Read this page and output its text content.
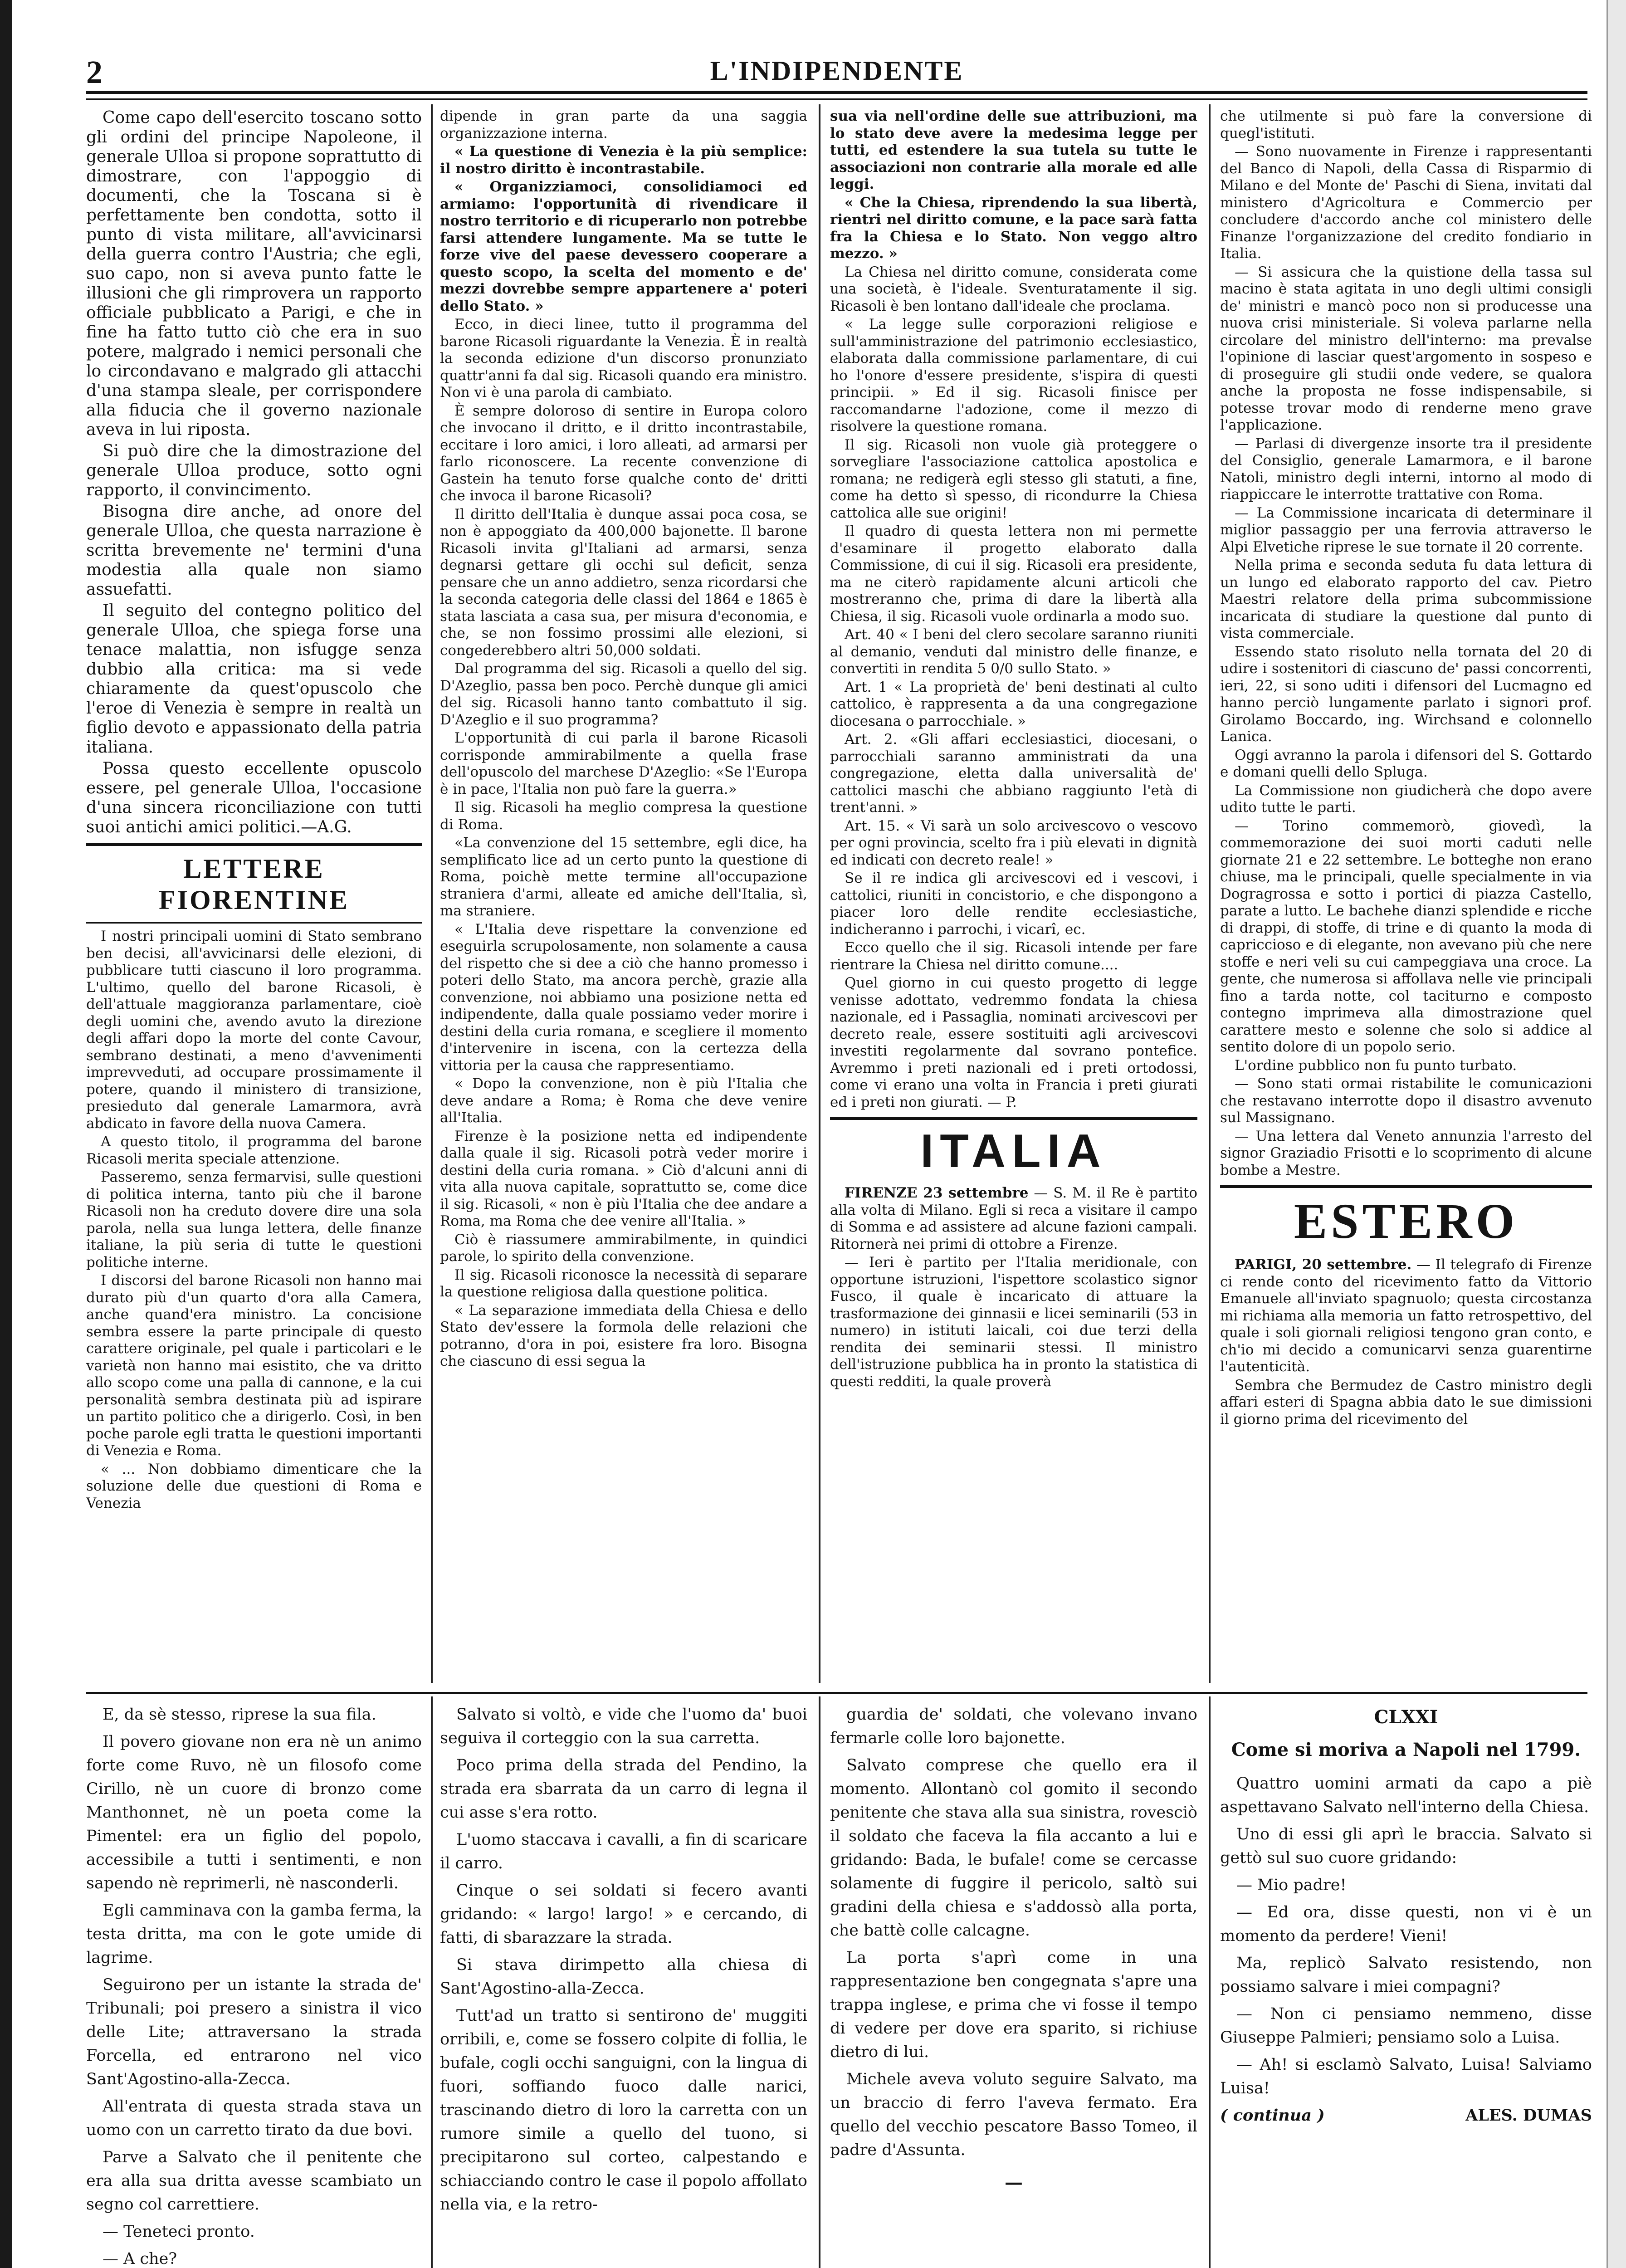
2	L'INDIPENDENTE

Come capo dell'esercito toscano sotto gli ordini del principe Napoleone, il generale Ulloa si propone soprattutto di dimostrare, con l'appoggio di documenti, che la Toscana si è perfettamente ben condotta, sotto il punto di vista militare, all'avvicinarsi della guerra contro l'Austria; che egli, suo capo, non si aveva punto fatte le illusioni che gli rimprovera un rapporto officiale pubblicato a Parigi, e che in fine ha fatto tutto ciò che era in suo potere, malgrado i nemici personali che lo circondavano e malgrado gli attacchi d'una stampa sleale, per corrispondere alla fiducia che il governo nazionale aveva in lui riposta.

Si può dire che la dimostrazione del generale Ulloa produce, sotto ogni rapporto, il convincimento.

Bisogna dire anche, ad onore del generale Ulloa, che questa narrazione è scritta brevemente ne' termini d'una modestia alla quale non siamo assuefatti.

Il seguito del contegno politico del generale Ulloa, che spiega forse una tenace malattia, non isfugge senza dubbio alla critica: ma si vede chiaramente da quest'opuscolo che l'eroe di Venezia è sempre in realtà un figlio devoto e appassionato della patria italiana.

Possa questo eccellente opuscolo essere, pel generale Ulloa, l'occasione d'una sincera riconciliazione con tutti suoi antichi amici politici.—A.G.

LETTERE FIORENTINE

I nostri principali uomini di Stato sembrano ben decisi, all'avvicinarsi delle elezioni, di pubblicare tutti ciascuno il loro programma. L'ultimo, quello del barone Ricasoli, è dell'attuale maggioranza parlamentare, cioè degli uomini che, avendo avuto la direzione degli affari dopo la morte del conte Cavour, sembrano destinati, a meno d'avvenimenti imprevveduti, ad occupare prossimamente il potere, quando il ministero di transizione, presieduto dal generale Lamarmora, avrà abdicato in favore della nuova Camera.

A questo titolo, il programma del barone Ricasoli merita speciale attenzione.

Passeremo, senza fermarvisi, sulle questioni di politica interna, tanto più che il barone Ricasoli non ha creduto dovere dire una sola parola, nella sua lunga lettera, delle finanze italiane, la più seria di tutte le questioni politiche interne.

I discorsi del barone Ricasoli non hanno mai durato più d'un quarto d'ora alla Camera, anche quand'era ministro. La concisione sembra essere la parte principale di questo carattere originale, pel quale i particolari e le varietà non hanno mai esistito, che va dritto allo scopo come una palla di cannone, e la cui personalità sembra destinata più ad ispirare un partito politico che a dirigerlo. Così, in ben poche parole egli tratta le questioni importanti di Venezia e Roma.

« ... Non dobbiamo dimenticare che la soluzione delle due questioni di Roma e Venezia

dipende in gran parte da una saggia organizzazione interna.

« La questione di Venezia è la più semplice: il nostro diritto è incontrastabile.

« Organizziamoci, consolidiamoci ed armiamo: l'opportunità di rivendicare il nostro territorio e di ricuperarlo non potrebbe farsi attendere lungamente. Ma se tutte le forze vive del paese devessero cooperare a questo scopo, la scelta del momento e de' mezzi dovrebbe sempre appartenere a' poteri dello Stato. »

Ecco, in dieci linee, tutto il programma del barone Ricasoli riguardante la Venezia. È in realtà la seconda edizione d'un discorso pronunziato quattr'anni fa dal sig. Ricasoli quando era ministro. Non vi è una parola di cambiato.

È sempre doloroso di sentire in Europa coloro che invocano il dritto, e il dritto incontrastabile, eccitare i loro amici, i loro alleati, ad armarsi per farlo riconoscere. La recente convenzione di Gastein ha tenuto forse qualche conto de' dritti che invoca il barone Ricasoli?

Il diritto dell'Italia è dunque assai poca cosa, se non è appoggiato da 400,000 bajonette. Il barone Ricasoli invita gl'Italiani ad armarsi, senza degnarsi gettare gli occhi sul deficit, senza pensare che un anno addietro, senza ricordarsi che la seconda categoria delle classi del 1864 e 1865 è stata lasciata a casa sua, per misura d'economia, e che, se non fossimo prossimi alle elezioni, si congederebbero altri 50,000 soldati.

Dal programma del sig. Ricasoli a quello del sig. D'Azeglio, passa ben poco. Perchè dunque gli amici del sig. Ricasoli hanno tanto combattuto il sig. D'Azeglio e il suo programma?

L'opportunità di cui parla il barone Ricasoli corrisponde ammirabilmente a quella frase dell'opuscolo del marchese D'Azeglio: «Se l'Europa è in pace, l'Italia non può fare la guerra.»

Il sig. Ricasoli ha meglio compresa la questione di Roma.

«La convenzione del 15 settembre, egli dice, ha semplificato lice ad un certo punto la questione di Roma, poichè mette termine all'occupazione straniera d'armi, alleate ed amiche dell'Italia, sì, ma straniere.

« L'Italia deve rispettare la convenzione ed eseguirla scrupolosamente, non solamente a causa del rispetto che si dee a ciò che hanno promesso i poteri dello Stato, ma ancora perchè, grazie alla convenzione, noi abbiamo una posizione netta ed indipendente, dalla quale possiamo veder morire i destini della curia romana, e scegliere il momento d'intervenire in iscena, con la certezza della vittoria per la causa che rappresentiamo.

« Dopo la convenzione, non è più l'Italia che deve andare a Roma; è Roma che deve venire all'Italia.

Firenze è la posizione netta ed indipendente dalla quale il sig. Ricasoli potrà veder morire i destini della curia romana. » Ciò d'alcuni anni di vita alla nuova capitale, soprattutto se, come dice il sig. Ricasoli, « non è più l'Italia che dee andare a Roma, ma Roma che dee venire all'Italia. »

Ciò è riassumere ammirabilmente, in quindici parole, lo spirito della convenzione.

Il sig. Ricasoli riconosce la necessità di separare la questione religiosa dalla questione politica.

« La separazione immediata della Chiesa e dello Stato dev'essere la formola delle relazioni che potranno, d'ora in poi, esistere fra loro. Bisogna che ciascuno di essi segua la

sua via nell'ordine delle sue attribuzioni, ma lo stato deve avere la medesima legge per tutti, ed estendere la sua tutela su tutte le associazioni non contrarie alla morale ed alle leggi.

« Che la Chiesa, riprendendo la sua libertà, rientri nel diritto comune, e la pace sarà fatta fra la Chiesa e lo Stato. Non veggo altro mezzo. »

La Chiesa nel diritto comune, considerata come una società, è l'ideale. Sventuratamente il sig. Ricasoli è ben lontano dall'ideale che proclama.

« La legge sulle corporazioni religiose e sull'amministrazione del patrimonio ecclesiastico, elaborata dalla commissione parlamentare, di cui ho l'onore d'essere presidente, s'ispira di questi principii. » Ed il sig. Ricasoli finisce per raccomandarne l'adozione, come il mezzo di risolvere la questione romana.

Il sig. Ricasoli non vuole già proteggere o sorvegliare l'associazione cattolica apostolica e romana; ne redigerà egli stesso gli statuti, a fine, come ha detto sì spesso, di ricondurre la Chiesa cattolica alle sue origini!

Il quadro di questa lettera non mi permette d'esaminare il progetto elaborato dalla Commissione, di cui il sig. Ricasoli era presidente, ma ne citerò rapidamente alcuni articoli che mostreranno che, prima di dare la libertà alla Chiesa, il sig. Ricasoli vuole ordinarla a modo suo.

Art. 40 « I beni del clero secolare saranno riuniti al demanio, venduti dal ministro delle finanze, e convertiti in rendita 5 0/0 sullo Stato. »

Art. 1 « La proprietà de' beni destinati al culto cattolico, è rappresenta a da una congregazione diocesana o parrocchiale. »

Art. 2. «Gli affari ecclesiastici, diocesani, o parrocchiali saranno amministrati da una congregazione, eletta dalla universalità de' cattolici maschi che abbiano raggiunto l'età di trent'anni. »

Art. 15. « Vi sarà un solo arcivescovo o vescovo per ogni provincia, scelto fra i più elevati in dignità ed indicati con decreto reale! »

Se il re indica gli arcivescovi ed i vescovi, i cattolici, riuniti in concistorio, e che dispongono a piacer loro delle rendite ecclesiastiche, indicheranno i parrochi, i vicarî, ec.

Ecco quello che il sig. Ricasoli intende per fare rientrare la Chiesa nel diritto comune....

Quel giorno in cui questo progetto di legge venisse adottato, vedremmo fondata la chiesa nazionale, ed i Passaglia, nominati arcivescovi per decreto reale, essere sostituiti agli arcivescovi investiti regolarmente dal sovrano pontefice. Avremmo i preti nazionali ed i preti ortodossi, come vi erano una volta in Francia i preti giurati ed i preti non giurati. — P.

ITALIA

FIRENZE 23 settembre — S. M. il Re è partito alla volta di Milano. Egli si reca a visitare il campo di Somma e ad assistere ad alcune fazioni campali. Ritornerà nei primi di ottobre a Firenze.

— Ieri è partito per l'Italia meridionale, con opportune istruzioni, l'ispettore scolastico signor Fusco, il quale è incaricato di attuare la trasformazione dei ginnasii e licei seminarili (53 in numero) in istituti laicali, coi due terzi della rendita dei seminarii stessi. Il ministro dell'istruzione pubblica ha in pronto la statistica di questi redditi, la quale proverà

che utilmente si può fare la conversione di quegl'istituti.

— Sono nuovamente in Firenze i rappresentanti del Banco di Napoli, della Cassa di Risparmio di Milano e del Monte de' Paschi di Siena, invitati dal ministero d'Agricoltura e Commercio per concludere d'accordo anche col ministero delle Finanze l'organizzazione del credito fondiario in Italia.

— Si assicura che la quistione della tassa sul macino è stata agitata in uno degli ultimi consigli de' ministri e mancò poco non si producesse una nuova crisi ministeriale. Si voleva parlarne nella circolare del ministro dell'interno: ma prevalse l'opinione di lasciar quest'argomento in sospeso e di proseguire gli studii onde vedere, se qualora anche la proposta ne fosse indispensabile, si potesse trovar modo di renderne meno grave l'applicazione.

— Parlasi di divergenze insorte tra il presidente del Consiglio, generale Lamarmora, e il barone Natoli, ministro degli interni, intorno al modo di riappiccare le interrotte trattative con Roma.

— La Commissione incaricata di determinare il miglior passaggio per una ferrovia attraverso le Alpi Elvetiche riprese le sue tornate il 20 corrente.

Nella prima e seconda seduta fu data lettura di un lungo ed elaborato rapporto del cav. Pietro Maestri relatore della prima subcommissione incaricata di studiare la questione dal punto di vista commerciale.

Essendo stato risoluto nella tornata del 20 di udire i sostenitori di ciascuno de' passi concorrenti, ieri, 22, si sono uditi i difensori del Lucmagno ed hanno perciò lungamente parlato i signori prof. Girolamo Boccardo, ing. Wirchsand e colonnello Lanica.

Oggi avranno la parola i difensori del S. Gottardo e domani quelli dello Spluga.

La Commissione non giudicherà che dopo avere udito tutte le parti.

— Torino commemorò, giovedì, la commemorazione dei suoi morti caduti nelle giornate 21 e 22 settembre. Le botteghe non erano chiuse, ma le principali, quelle specialmente in via Dogragrossa e sotto i portici di piazza Castello, parate a lutto. Le bachehe dianzi splendide e ricche di drappi, di stoffe, di trine e di quanto la moda di capriccioso e di elegante, non avevano più che nere stoffe e neri veli su cui campeggiava una croce. La gente, che numerosa si affollava nelle vie principali fino a tarda notte, col taciturno e composto contegno imprimeva alla dimostrazione quel carattere mesto e solenne che solo si addice al sentito dolore di un popolo serio.

L'ordine pubblico non fu punto turbato.

— Sono stati ormai ristabilite le comunicazioni che restavano interrotte dopo il disastro avvenuto sul Massignano.

— Una lettera dal Veneto annunzia l'arresto del signor Graziadio Frisotti e lo scoprimento di alcune bombe a Mestre.

ESTERO

PARIGI, 20 settembre. — Il telegrafo di Firenze ci rende conto del ricevimento fatto da Vittorio Emanuele all'inviato spagnuolo; questa circostanza mi richiama alla memoria un fatto retrospettivo, del quale i soli giornali religiosi tengono gran conto, e ch'io mi decido a comunicarvi senza guarentirne l'autenticità.

Sembra che Bermudez de Castro ministro degli affari esteri di Spagna abbia dato le sue dimissioni il giorno prima del ricevimento del

E, da sè stesso, riprese la sua fila.

Il povero giovane non era nè un animo forte come Ruvo, nè un filosofo come Cirillo, nè un cuore di bronzo come Manthonnet, nè un poeta come la Pimentel: era un figlio del popolo, accessibile a tutti i sentimenti, e non sapendo nè reprimerli, nè nasconderli.

Egli camminava con la gamba ferma, la testa dritta, ma con le gote umide di lagrime.

Seguirono per un istante la strada de' Tribunali; poi presero a sinistra il vico delle Lite; attraversano la strada Forcella, ed entrarono nel vico Sant'Agostino-alla-Zecca.

All'entrata di questa strada stava un uomo con un carretto tirato da due bovi.

Parve a Salvato che il penitente che era alla sua dritta avesse scambiato un segno col carrettiere.

— Teneteci pronto.

— A che?

Salvato si voltò, e vide che l'uomo da' buoi seguiva il corteggio con la sua carretta.

Poco prima della strada del Pendino, la strada era sbarrata da un carro di legna il cui asse s'era rotto.

L'uomo staccava i cavalli, a fin di scaricare il carro.

Cinque o sei soldati si fecero avanti gridando: « largo! largo! » e cercando, di fatti, di sbarazzare la strada.

Si stava dirimpetto alla chiesa di Sant'Agostino-alla-Zecca.

Tutt'ad un tratto si sentirono de' muggiti orribili, e, come se fossero colpite di follia, le bufale, cogli occhi sanguigni, con la lingua di fuori, soffiando fuoco dalle narici, trascinando dietro di loro la carretta con un rumore simile a quello del tuono, si precipitarono sul corteo, calpestando e schiacciando contro le case il popolo affollato nella via, e la retro-

guardia de' soldati, che volevano invano fermarle colle loro bajonette.

Salvato comprese che quello era il momento. Allontanò col gomito il secondo penitente che stava alla sua sinistra, rovesciò il soldato che faceva la fila accanto a lui e gridando: Bada, le bufale! come se cercasse solamente di fuggire il pericolo, saltò sui gradini della chiesa e s'addossò alla porta, che battè colle calcagne.

La porta s'aprì come in una rappresentazione ben congegnata s'apre una trappa inglese, e prima che vi fosse il tempo di vedere per dove era sparito, si richiuse dietro di lui.

Michele aveva voluto seguire Salvato, ma un braccio di ferro l'aveva fermato. Era quello del vecchio pescatore Basso Tomeo, il padre d'Assunta.

—
CLXXI
Come si moriva a Napoli nel 1799.

Quattro uomini armati da capo a piè aspettavano Salvato nell'interno della Chiesa.

Uno di essi gli aprì le braccia. Salvato si gettò sul suo cuore gridando:

— Mio padre!

— Ed ora, disse questi, non vi è un momento da perdere! Vieni!

Ma, replicò Salvato resistendo, non possiamo salvare i miei compagni?

— Non ci pensiamo nemmeno, disse Giuseppe Palmieri; pensiamo solo a Luisa.

— Ah! si esclamò Salvato, Luisa! Salviamo Luisa!

( continua )	ALES. DUMAS
